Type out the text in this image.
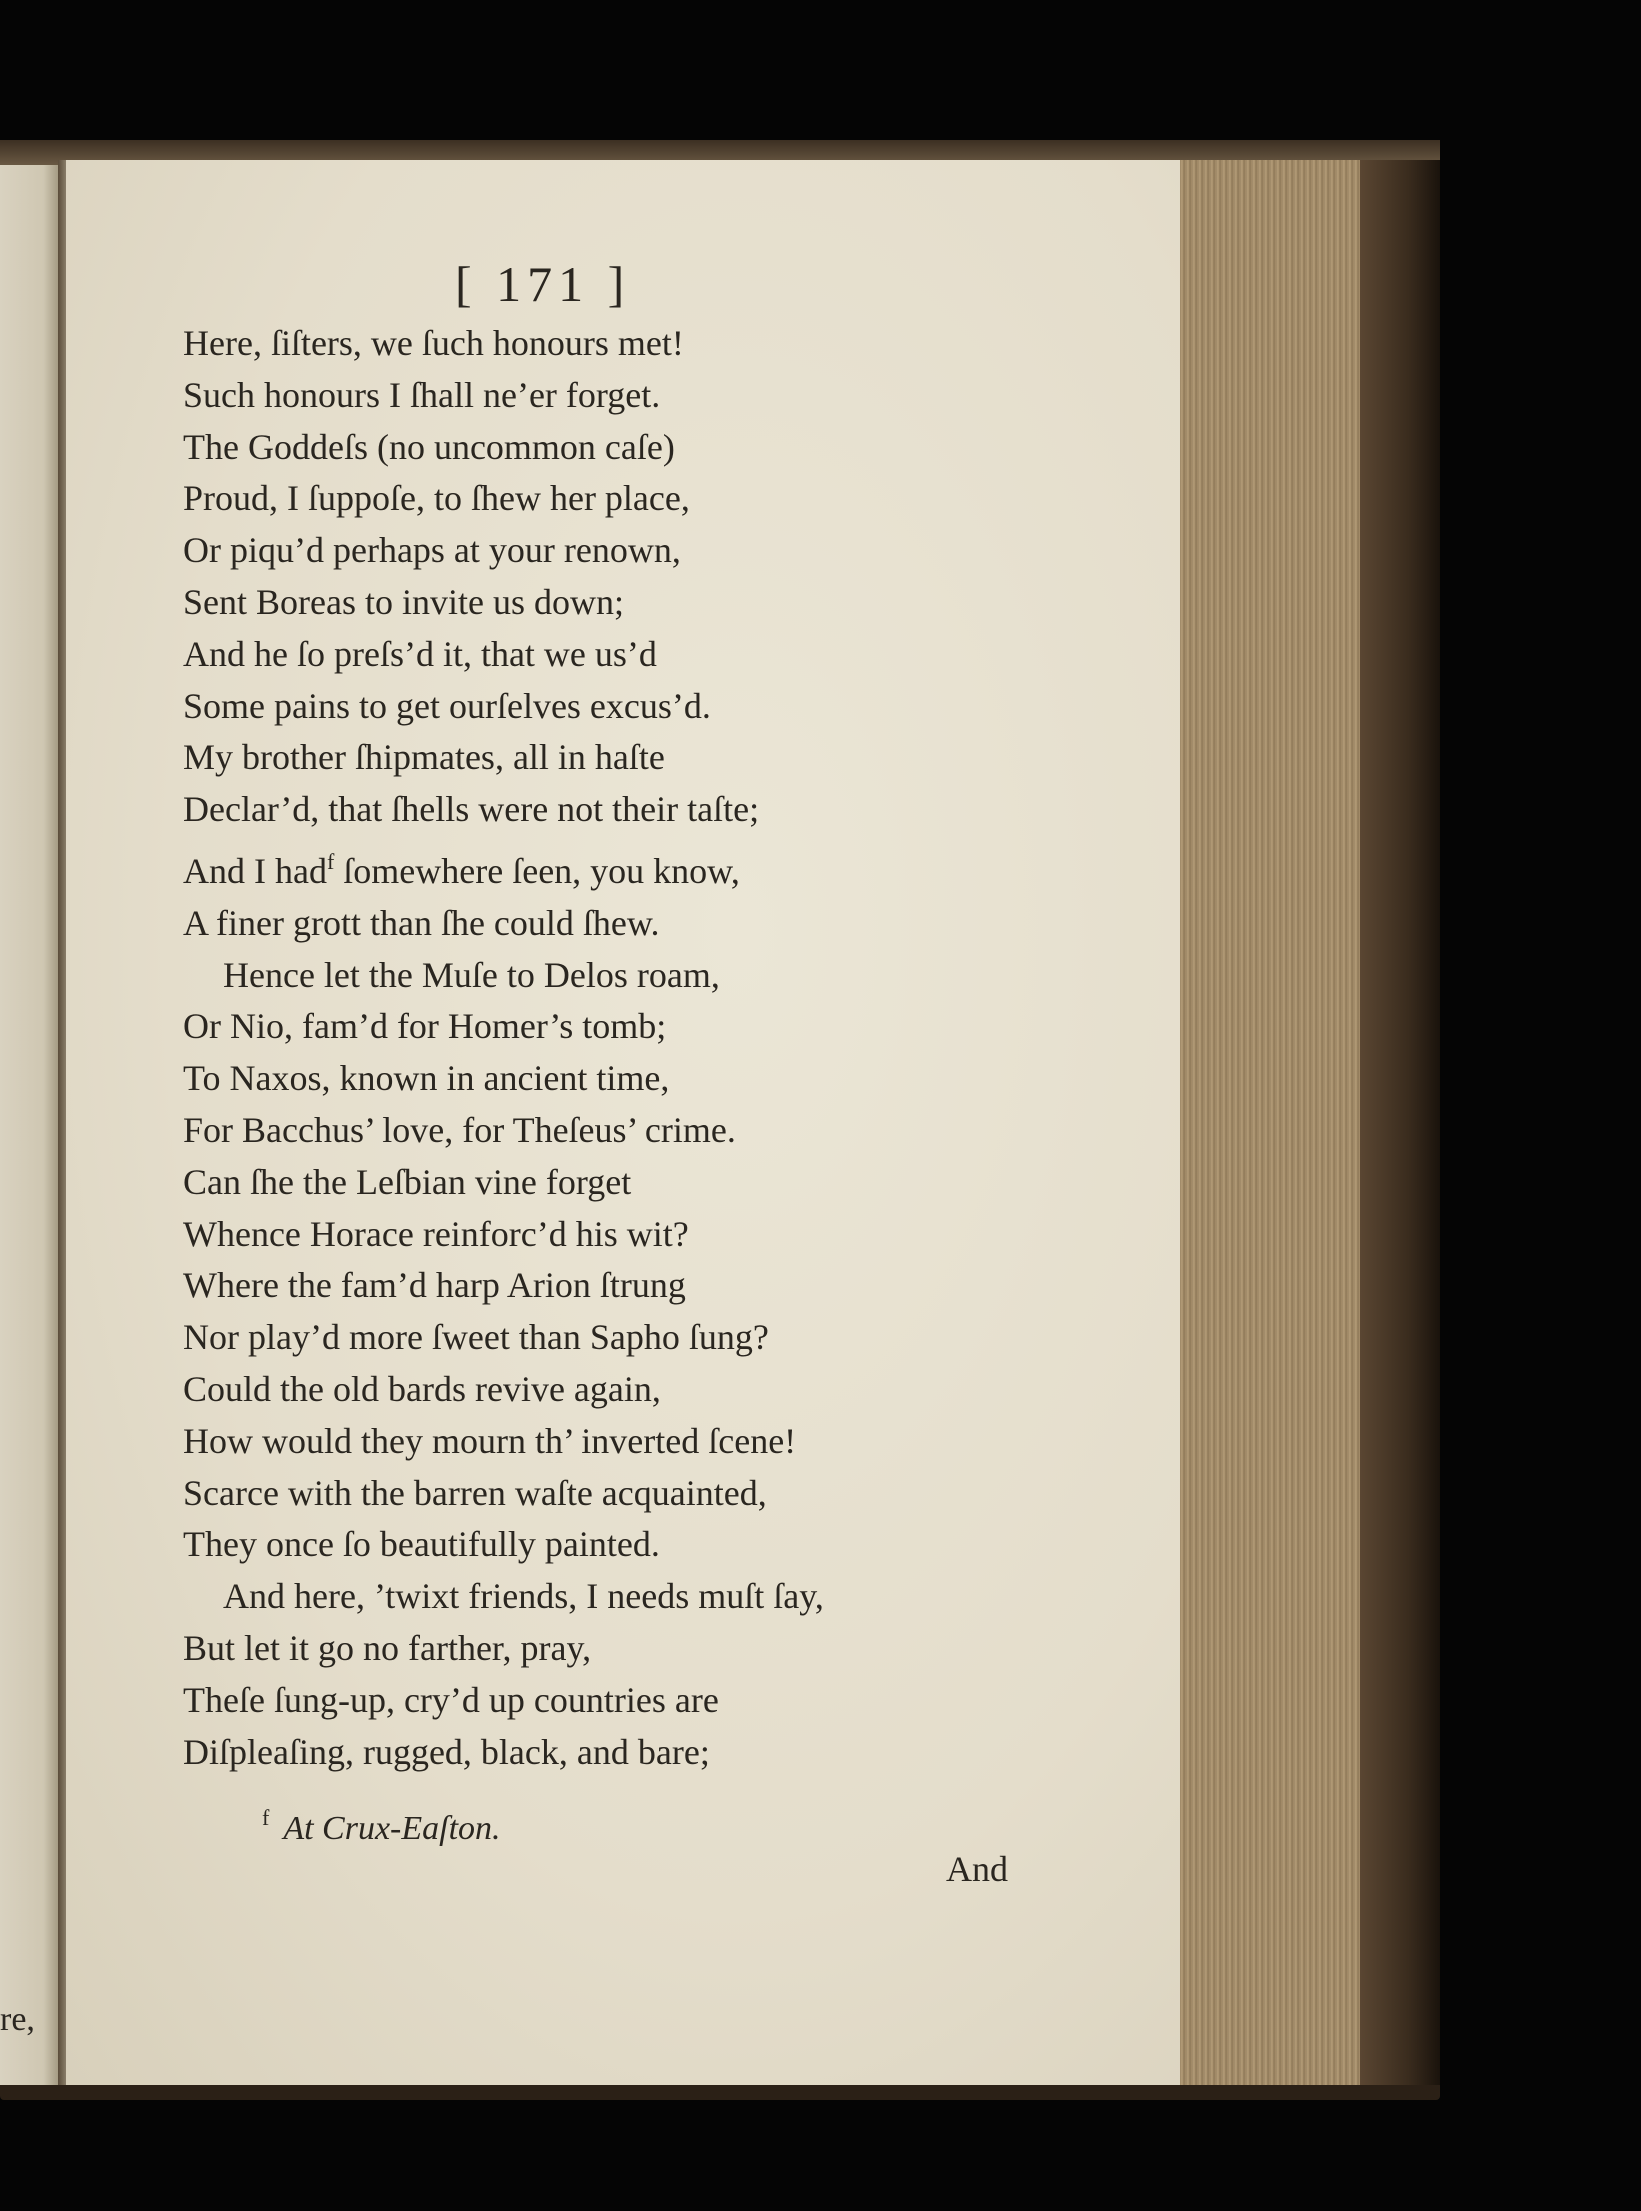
re,
[ 171 ]
Here, ſiſters, we ſuch honours met!
Such honours I ſhall ne’er forget.
The Goddeſs (no uncommon caſe)
Proud, I ſuppoſe, to ſhew her place,
Or piqu’d perhaps at your renown,
Sent Boreas to invite us down;
And he ſo preſs’d it, that we us’d
Some pains to get ourſelves excus’d.
My brother ſhipmates, all in haſte
Declar’d, that ſhells were not their taſte;
And I had$^f$ ſomewhere ſeen, you know,
A finer grott than ſhe could ſhew.
Hence let the Muſe to Delos roam,
Or Nio, fam’d for Homer’s tomb;
To Naxos, known in ancient time,
For Bacchus’ love, for Theſeus’ crime.
Can ſhe the Leſbian vine forget
Whence Horace reinforc’d his wit?
Where the fam’d harp Arion ſtrung
Nor play’d more ſweet than Sapho ſung?
Could the old bards revive again,
How would they mourn th’ inverted ſcene!
Scarce with the barren waſte acquainted,
They once ſo beautifully painted.
And here, ’twixt friends, I needs muſt ſay,
But let it go no farther, pray,
Theſe ſung-up, cry’d up countries are
Diſpleaſing, rugged, black, and bare;
$^f$ At Crux-Eaſton.
And
